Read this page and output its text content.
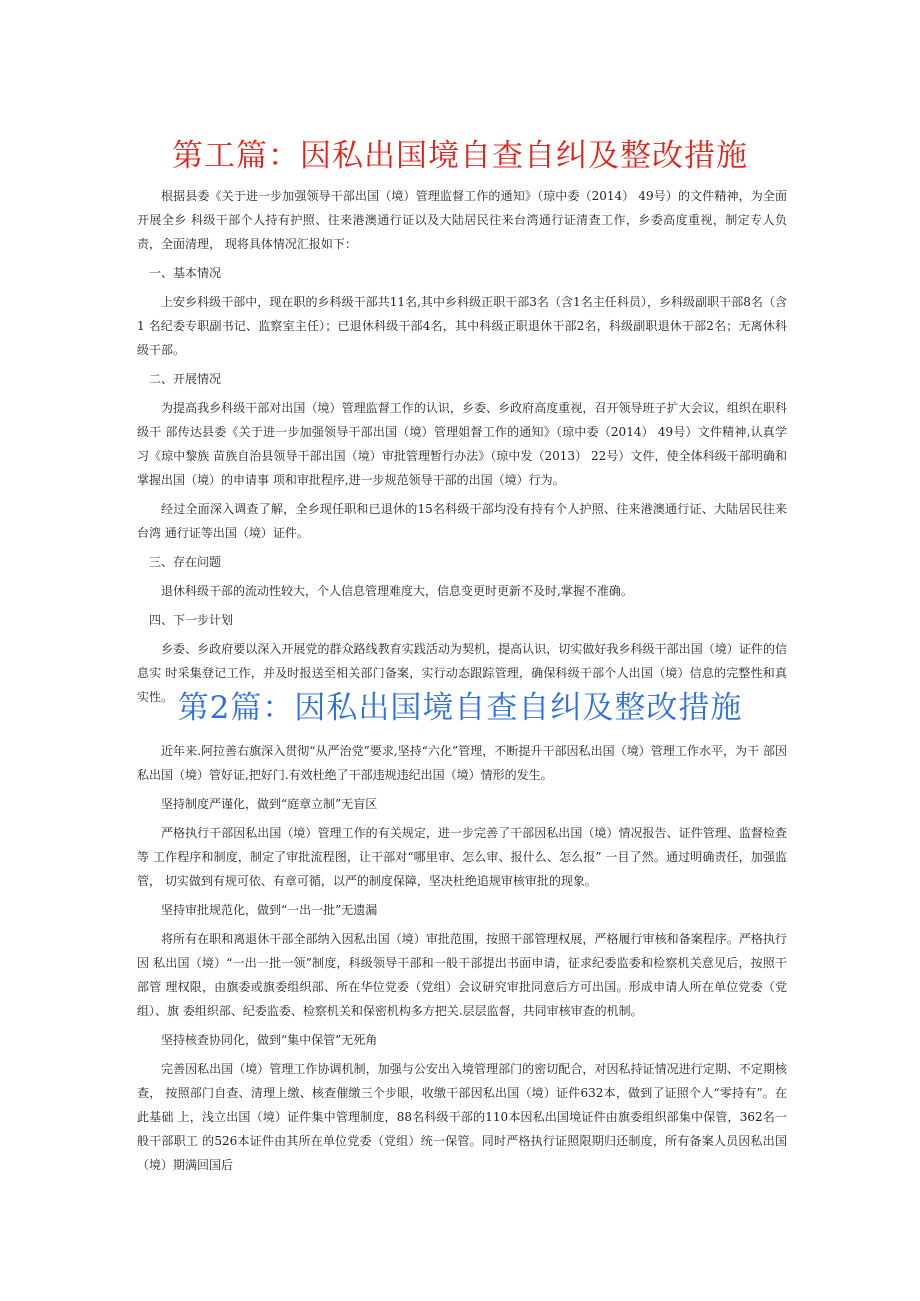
第工篇：因私出国境自查自纠及整改措施

根据县委《关于进一步加强领导干部出国（境）管理监督工作的通知》（琼中委（2014） 49号）的文件精神，为全面开展全乡 科级干部个人持有护照、往来港澳通行证以及大陆居民往来台湾通行证清查工作，乡委高度重视，制定专人负责，全面清理， 现将具体情况汇报如下：

一、基本情况

上安乡科级干部中，现在职的乡科级干部共11名,其中乡科级正职干部3名（含1名主任科员），乡科级副职干部8名（含1 名纪委专职副书记、监察室主任）；已退休科级干部4名，其中科级正职退休干部2名，科级副职退休干部2名；无离休科级干部。

二、开展情况

为提高我乡科级干部对出国（境）管理监督工作的认识，乡委、乡政府高度重视，召开领导班子扩大会议，组织在职科级干 部传达县委《关于进一步加强领导干部出国（境）管理姐督工作的通知》（琼中委（2014） 49号）文件精神,认真学习《琼中黎族 苗族自治县领导干部出国（境）审批管理暂行办法》（琼中发（2013） 22号）文件，使全体科级干部明确和掌握出国（境）的申请事 项和审批程序,进一步规范领导干部的出国（境）行为。

经过全面深入调查了解，全乡现任职和已退休的15名科级干部均没有持有个人护照、往来港澳通行证、大陆居民往来台湾 通行证等出国（境）证件。

三、存在问题

退休科级干部的流动性较大，个人信息管理难度大，信息变更时更新不及时,掌握不准确。

四、下一步计划

乡委、乡政府要以深入开展党的群众路线教育实践活动为契机，提高认识，切实做好我乡科级干部出国（境）证件的信息实 时采集登记工作，并及时报送至相关部门备案，实行动态跟踪管理，确保科级干部个人出国（境）信息的完整性和真实性。 第2篇：因私出国境自查自纠及整改措施

近年来.阿拉善右旗深入贯彻“从严治党”要求,坚持“六化”管理，不断提升干部因私出国（境）管理工作水平，为干 部因私出国（境）管好证,把好门.有效杜绝了干部违规违纪出国（境）情形的发生。

坚持制度严谨化，做到“庭章立制”无盲区

严格执行干部因私出国（境）管理工作的有关规定，进一步完善了干部因私出国（境）情况报告、证件管理、监督检查等 工作程序和制度，制定了审批流程图，让干部对“哪里审、怎么审、报什么、怎么报” 一目了然。通过明确责任，加强监管， 切实做到有规可依、有章可循，以严的制度保障，坚决杜绝追规审核审批的现象。

坚持审批规范化，做到“一出一批”无遗漏

将所有在职和离退休干部全部纳入因私出国（境）审批范围，按照干部管理权展，严格履行审核和备案程序。严格执行因 私出国（境）“一出一批一领”制度，科级领导干部和一般干部提出书面申请，征求纪委监委和检察机关意见后，按照干部管 理权限，由旗委或旗委组织部、所在华位党委（党组）会议研究审批同意后方可出国。形成申请人所在单位党委（党组）、旗 委组织部、纪委监委、检察机关和保密机构多方把关.层层监督，共同审核审查的机制。

坚持核查协同化，做到“集中保管”无死角

完善因私出国（境）管理工作协调机制，加强与公安出入境管理部门的密切配合，对因私持证情况进行定期、不定期核查， 按照部门自查、清理上缴、核查催缴三个步眼，收缴干部因私出国（境）证件632本，做到了证照个人“零持有”。在此基础 上，浅立出国（境）证件集中管理制度，88名科级干部的110本因私出国境证件由旗委组织部集中保管，362名一般干部职工 的526本证件由其所在单位党委（党组）统一保管。同时严格执行证照限期归还制度，所有备案人员因私出国（境）期满回国后
